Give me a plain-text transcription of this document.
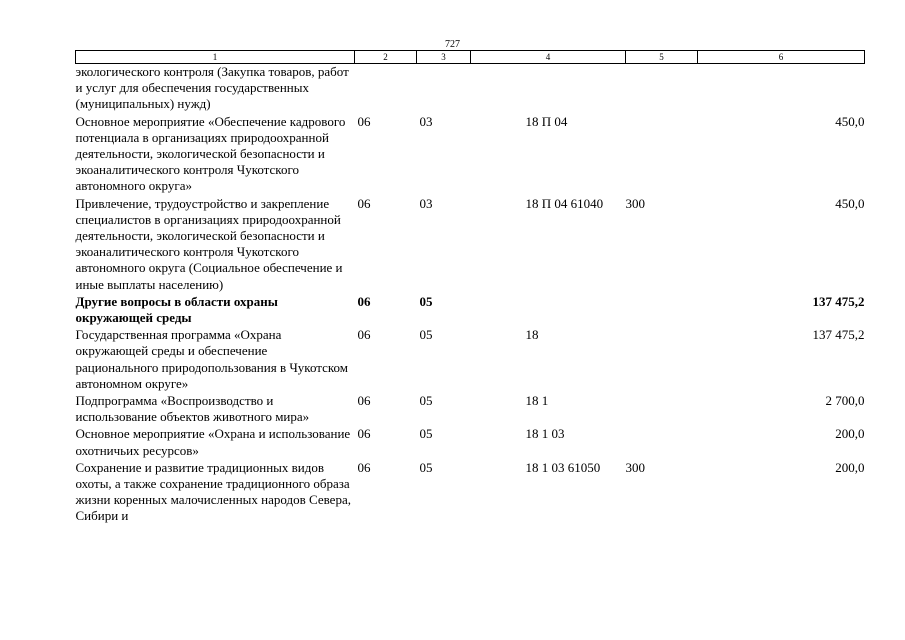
727
1	2	3	4	5	6
экологического контроля (Закупка товаров, работ и услуг для обеспечения государственных (муниципальных) нужд)					
Основное мероприятие «Обеспечение кадрового потенциала в организациях природоохранной деятельности, экологической безопасности и экоаналитического контроля Чукотского автономного округа»	06	03	18 П 04		450,0
Привлечение, трудоустройство и закрепление специалистов в организациях природоохранной деятельности, экологической безопасности и экоаналитического контроля Чукотского автономного округа (Социальное обеспечение и иные выплаты населению)	06	03	18 П 04 61040	300	450,0
Другие вопросы в области охраны окружающей среды	06	05			137 475,2
Государственная программа «Охрана окружающей среды и обеспечение рационального природопользования в Чукотском автономном округе»	06	05	18		137 475,2
Подпрограмма «Воспроизводство и использование объектов животного мира»	06	05	18 1		2 700,0
Основное мероприятие «Охрана и использование охотничьих ресурсов»	06	05	18 1 03		200,0
Сохранение и развитие традиционных видов охоты, а также сохранение традиционного образа жизни коренных малочисленных народов Севера, Сибири и	06	05	18 1 03 61050	300	200,0
